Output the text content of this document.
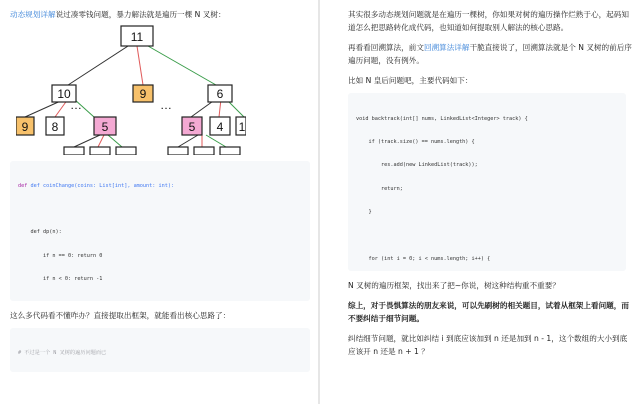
动态规划详解说过凑零钱问题，暴力解法就是遍历一棵 N 叉树：

11
10	9	6
9 8	5	5 4 1
…	…

def def coinChange(coins: List[int], amount: int):

def dp(n):

if n == 0: return 0

if n < 0: return -1

这么多代码看不懂咋办？直接提取出框架，就能看出核心思路了：

# 不过是一个 N 叉树的遍历问题而已

其实很多动态规划问题就是在遍历一棵树，你如果对树的遍历操作烂熟于心，起码知道怎么把思路转化成代码，也知道如何提取别人解法的核心思路。

再看看回溯算法，前文回溯算法详解干脆直接说了，回溯算法就是个 N 叉树的前后序遍历问题，没有例外。

比如 N 皇后问题吧，主要代码如下：

void backtrack(int[] nums, LinkedList<Integer> track) {

if (track.size() == nums.length) {

res.add(new LinkedList(track));

return;

}

for (int i = 0; i < nums.length; i++) {

N 叉树的遍历框架，找出来了把~你说，树这种结构重不重要？

综上，对于畏惧算法的朋友来说，可以先刷树的相关题目，试着从框架上看问题，而不要纠结于细节问题。

纠结细节问题，就比如纠结 i 到底应该加到 n 还是加到 n - 1，这个数组的大小到底应该开 n 还是 n + 1 ？
